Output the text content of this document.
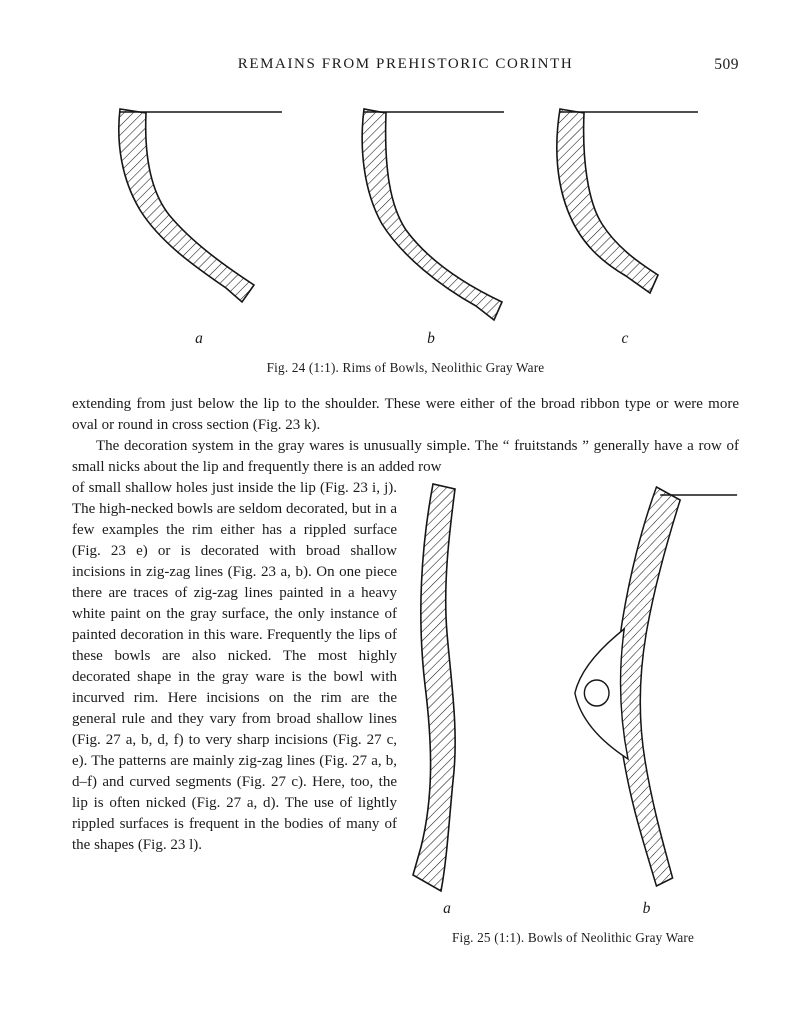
REMAINS FROM PREHISTORIC CORINTH	509
a	b	c
Fig. 24 (1:1). Rims of Bowls, Neolithic Gray Ware

extending from just below the lip to the shoulder. These were either of the broad ribbon type or were more oval or round in cross section (Fig. 23 k).

The decoration system in the gray wares is unusually simple. The “ fruitstands ” generally have a row of small nicks about the lip and frequently there is an added row

a	b
Fig. 25 (1:1). Bowls of Neolithic Gray Ware

of small shallow holes just inside the lip (Fig. 23 i, j). The high-necked bowls are seldom decorated, but in a few examples the rim either has a rippled surface (Fig. 23 e) or is decorated with broad shallow incisions in zig-zag lines (Fig. 23 a, b). On one piece there are traces of zig-zag lines painted in a heavy white paint on the gray surface, the only instance of painted decoration in this ware. Frequently the lips of these bowls are also nicked. The most highly decorated shape in the gray ware is the bowl with incurved rim. Here incisions on the rim are the general rule and they vary from broad shallow lines (Fig. 27 a, b, d, f) to very sharp incisions (Fig. 27 c, e). The patterns are mainly zig-zag lines (Fig. 27 a, b, d–f) and curved segments (Fig. 27 c). Here, too, the lip is often nicked (Fig. 27 a, d). The use of lightly rippled surfaces is frequent in the bodies of many of the shapes (Fig. 23 l).
